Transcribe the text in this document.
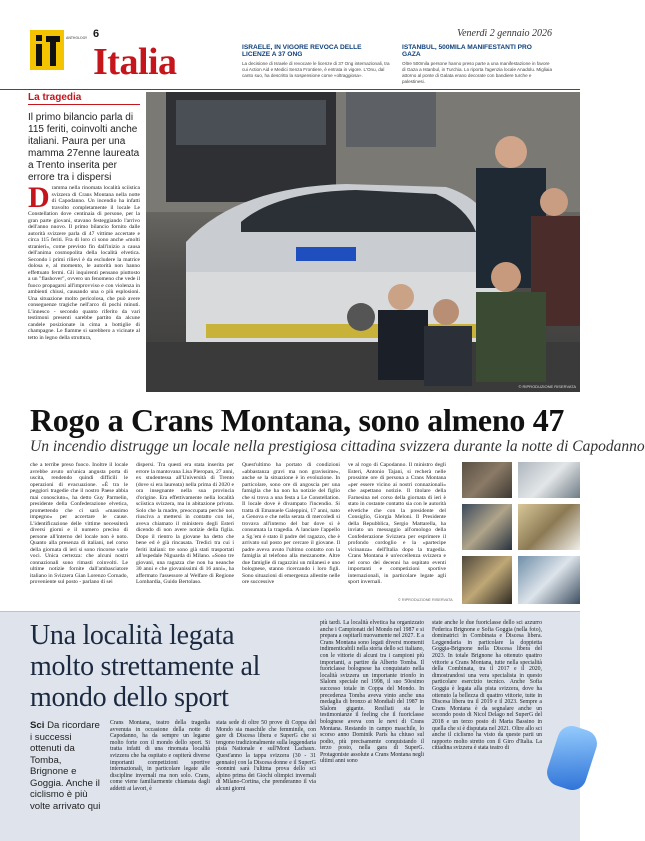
ANTHOLOGY 6
Italia
Venerdì 2 gennaio 2026
ISRAELE, IN VIGORE REVOCA DELLE LICENZE A 37 ONG

La decisione di Israele di revocare le licenze di 37 Ong internazionali, tra cui Action Aid e Medici Senza Frontiere, è entrata in vigore. L'Onu, dal canto suo, ha descritto la sospensione come «oltraggiosa».

ISTANBUL, 500MILA MANIFESTANTI PRO GAZA

Oltre 500mila persone hanno preso parte a una manifestazione in favore di Gaza a Istanbul, in Turchia. Lo riporta l'agenzia locale Anadolu. Migliaia attorno al ponte di Galata erano decorate con bandiere turche e palestinesi.

La tragedia
Il primo bilancio parla di 115 feriti, coinvolti anche italiani. Paura per una mamma 27enne laureata a Trento inserita per errore tra i dispersi
D ramma nella rinomata località sciistica svizzera di Crans Montana nella notte di Capodanno. Un incendio ha infatti travolto completamente il locale Le Constellation dove centinaia di persone, per la gran parte giovani, stavano festeggiando l'arrivo dell'anno nuovo. Il primo bilancio fornito dalle autorità svizzere parla di 47 vittime accertate e circa 115 feriti. Fra di loro ci sono anche «molti stranieri», come previsto fin dall'inizio a causa dell'anima cosmopolita della località elvetica. Secondo i primi rilievi è da escludere la matrice dolosa e, al momento, le autorità non hanno effettuato fermi. Gli inquirenti pensano piuttosto a un "flashover", ovvero un fenomeno che vede il fuoco propagarsi all'improvviso e con violenza in ambienti chiusi, causando una o più esplosioni. Una situazione molto pericolosa, che può avere conseguenze tragiche nell'arco di pochi minuti. L'innesco - secondo quanto riferito da vari testimoni presenti sarebbe partito da alcune candele posizionate in cima a bottiglie di champagne. Le fiamme si sarebbero a vicinate al tetto in legno della struttura,
© RIPRODUZIONE RISERVATA
Rogo a Crans Montana, sono almeno 47
Un incendio distrugge un locale nella prestigiosa cittadina svizzera durante la notte di Capodanno
che a terribe preso fuoco. Inoltre il locale avrebbe avuto un'unica angusta porta di uscita, rendendo quindi difficili le operazioni di evacuazione. «È tra le peggiori tragedie che il nostro Paese abbia mai conosciuto», ha detto Guy Parmelin, presidente della Confederazione elvetica, promettendo che ci sarà «massimo impegno» per accertare le cause. L'identificazione delle vittime necessiterà diversi giorni e il numero preciso di persone all'interno del locale non è noto. Quanto alla presenza di italiani, nel corso della giornata di ieri si sono rincorse varie voci. Unica certezza: che alcuni nostri connazionali sono rimasti coinvolti. Le ultime notizie fornite dall'ambasciatore italiano in Svizzera Gian Lorenzo Cornado, proveniente sul posto - parlano di sei
dispersi. Tra questi era stata inserita per errore la mantovana Lisa Pieropan, 27 anni, ex studentessa all'Università di Trento (dove si era laureata) nella prima di 2020 e ora insegnante nella sua provincia d'origine. Era effettivamente nella località sciistica svizzera, ma in abitazione privata. Solo che la madre, preoccupata perché non riusciva a mettersi in contatto con lei, aveva chiamato il ministero degli Esteri dicendo di non avere notizie della figlia. Dopo il rientro la giovane ha detto che bene ed è già rincasata. Tredici tra cui i feriti italiani: tre sono già stati trasportati all'ospedale Niguarda di Milano. «Sono tre giovani, una ragazza che non ha neanche 30 anni e che giovanissimi di 16 anni», ha affermato l'assessore al Welfare di Regione Lombardia, Guido Bertolaso.
Quest'ultimo ha portato di condizioni «abbastanza gravi ma non gravissime», anche se la situazione è in evoluzione. In particolare, sono ore di angoscia per una famiglia che ha non ha notizie del figlio che si trova a una festa a Le Constellation. Il locale dove è divampato l'incendio. Si tratta di Emanuele Galeppini, 17 anni, nato a Genova e che nella serata di mercoledì si trovava all'interno del bar dove si è consumata la tragedia. A lanciare l'appello a Sg.'em è stato il padre del ragazzo, che è arrivato sul posto per cercare il giovane. Il padre aveva avuto l'ultimo contatto con la famiglia al telefono alla mezzanotte. Altre due famiglie di ragazzini un milanesi e uno bolognese, stanno ricercando i loro figli. Sono situazioni di emergenza allestite nelle ore successive
ve al rogo di Capodanno. Il ministro degli Esteri, Antonio Tajani, si recherà nelle prossime ore di persona a Crans Montana «per essere vicino ai nostri connazionali» che aspettano notizie. Il titolare della Farnesina nel corso della giornata di ieri è stato in costante contatto sia con le autorità elvetiche che con la presidente del Consiglio, Giorgia Meloni. Il Presidente della Repubblica, Sergio Mattarella, ha inviato un messaggio all'omologo della Confederazione Svizzera per esprimere il profondo cordoglio e la «partecipe vicinanza» dell'Italia dopo la tragedia. Crans Montana è un'eccellenza svizzera e nel corso dei decenni ha ospitato eventi importanti e competizioni sportive internazionali, in particolare legate agli sport invernali.
© RIPRODUZIONE RISERVATA
Una località legata molto strettamente al mondo dello sport
Sci Da ricordare i successi ottenuti da Tomba, Brignone e Goggia. Anche il ciclismo è più volte arrivato qui
Crans Montana, teatro della tragedia avvenuta in occasione della notte di Capodanno, ha da sempre un legame molto forte con il mondo dello sport. Si tratta infatti di una rinomata località svizzera che ha ospitato e ospiterà diverse importanti competizioni sportive internazionali, in particolare legate alle discipline invernali ma non solo. Crans, come viene familiarmente chiamata dagli addetti ai lavori, è
stata sede di oltre 50 prove di Coppa del Mondo sia maschile che femminile, con gare di Discesa libera e SuperG che si tengono tradizionalmente sulla leggendaria pista Nationale e sull'Mont Lachaux. Quest'anno la tappa svizzera (30 - 31 gennaio) con la Discesa donne e il SuperG -nonnini sarà l'ultima prova dello sci alpino prima dei Giochi olimpici invernali di Milano-Cortina, che prenderanno il via alcuni giorni
più tardi. La località elvetica ha organizzato anche i Campionati del Mondo nel 1987 e si prepara a ospitarli nuovamente nel 2027. E a Crans Montana sono legati diversi momenti indimenticabili nella storia dello sci italiano, con le vittorie di alcuni tra i campioni più importanti, a partire da Alberto Tomba. Il fuoriclasse bolognese ha conquistato nella località svizzera un importante trionfo in Slalom speciale nel 1998, il suo 50esimo successo totale in Coppa del Mondo. In precedenza Tomba aveva vinto anche una medaglia di bronzo ai Mondiali del 1987 in Slalom gigante. Resiliati sia le testimonianze il feeling che il fuoriclasse bolognese aveva con le nevi di Crans Montana. Restando in campo maschile, lo scorso anno Dominik Paris ha chiuso sul podio, più precisamente conquistando il terzo posto, nella gara di SuperG. Protagoniste assolute a Crans Montana negli ultimi anni sono
state anche le due fuoriclasse dello sci azzurro Federica Brignone e Sofia Goggia (nella foto), dominatrici in Combinata e Discesa libera. Leggendaria in particolare la doppietta Goggia-Brignone nella Discesa libera del 2023. In totale Brignone ha ottenuto quattro vittorie a Crans Montana, tutte nella specialità della Combinata, tra il 2017 e il 2020, dimostrandosi una vera specialista in questo particolare esercizio tecnico. Anche Sofia Goggia è legata alla pista svizzera, dove ha ottenuto la bellezza di quattro vittorie, tutte in Discesa libera tra il 2019 e il 2023. Sempre a Crans Montana è da segnalare anche un secondo posto di Nicol Delago nel SuperG del 2018 e un terzo posto di Marta Bassino in quella che si è disputata nel 2021. Oltre allo sci anche il ciclismo ha visto da queste parti un rapporto molto stretto con il Giro d'Italia. La cittadina svizzera è stata teatro di
